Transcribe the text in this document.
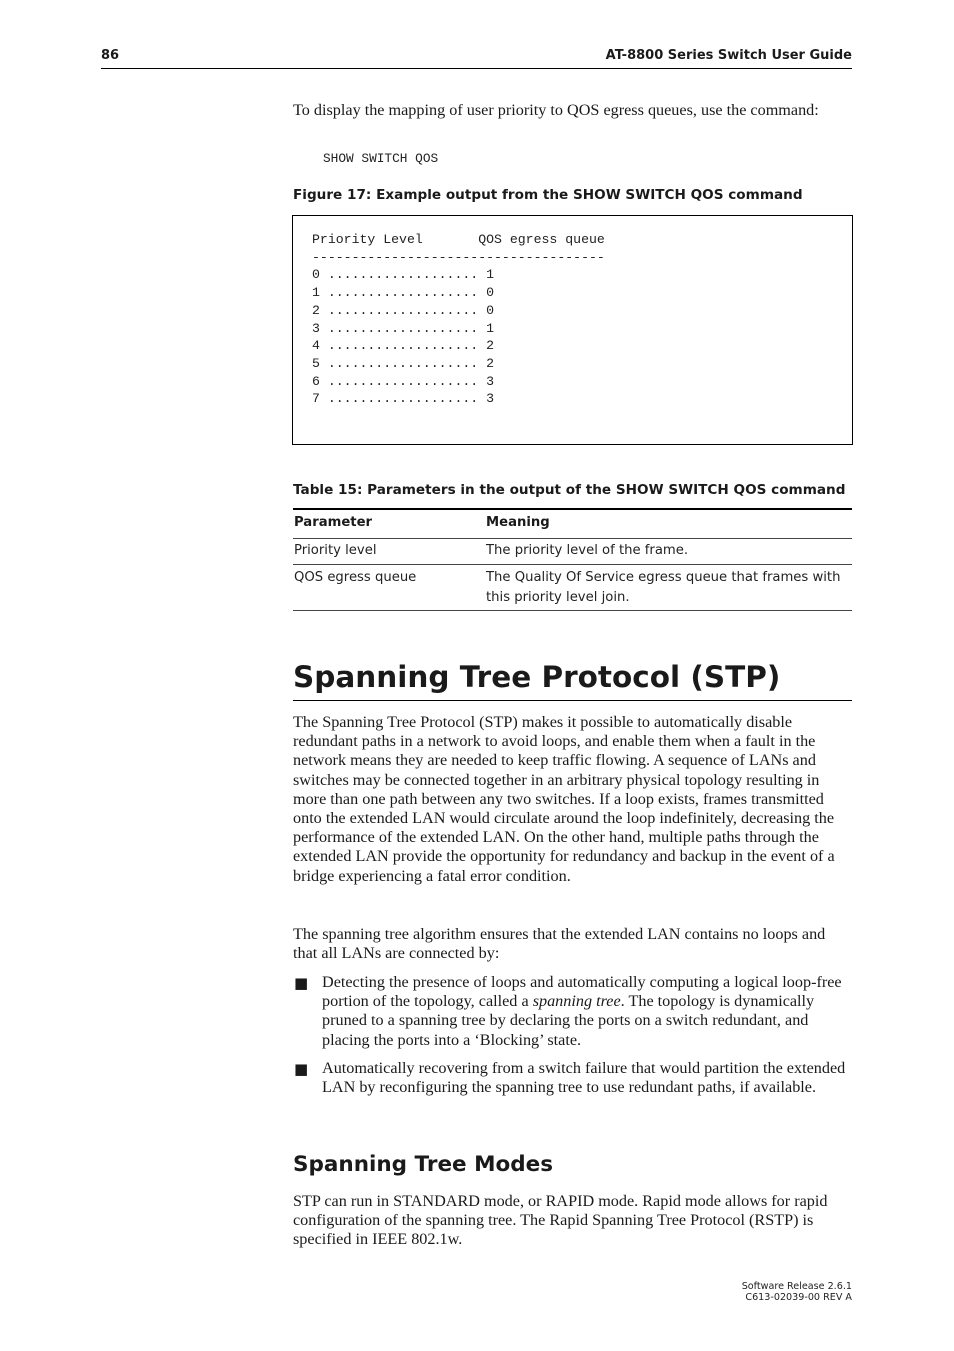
86	AT-8800 Series Switch User Guide
To display the mapping of user priority to QOS egress queues, use the command:
SHOW SWITCH QOS
Figure 17: Example output from the SHOW SWITCH QOS command
Priority Level       QOS egress queue
-------------------------------------
0 ................... 1
1 ................... 0
2 ................... 0
3 ................... 1
4 ................... 2
5 ................... 2
6 ................... 3
7 ................... 3
Table 15: Parameters in the output of the SHOW SWITCH QOS command
Parameter	Meaning
Priority level	The priority level of the frame.
QOS egress queue	The Quality Of Service egress queue that frames with this priority level join.
Spanning Tree Protocol (STP)
The Spanning Tree Protocol (STP) makes it possible to automatically disable redundant paths in a network to avoid loops, and enable them when a fault in the network means they are needed to keep traffic flowing. A sequence of LANs and switches may be connected together in an arbitrary physical topology resulting in more than one path between any two switches. If a loop exists, frames transmitted onto the extended LAN would circulate around the loop indefinitely, decreasing the performance of the extended LAN. On the other hand, multiple paths through the extended LAN provide the opportunity for redundancy and backup in the event of a bridge experiencing a fatal error condition.
The spanning tree algorithm ensures that the extended LAN contains no loops and that all LANs are connected by:
■ Detecting the presence of loops and automatically computing a logical loop-free portion of the topology, called a spanning tree. The topology is dynamically pruned to a spanning tree by declaring the ports on a switch redundant, and placing the ports into a ‘Blocking’ state.
■ Automatically recovering from a switch failure that would partition the extended LAN by reconfiguring the spanning tree to use redundant paths, if available.
Spanning Tree Modes
STP can run in STANDARD mode, or RAPID mode. Rapid mode allows for rapid configuration of the spanning tree. The Rapid Spanning Tree Protocol (RSTP) is specified in IEEE 802.1w.
Software Release 2.6.1
C613-02039-00 REV A
